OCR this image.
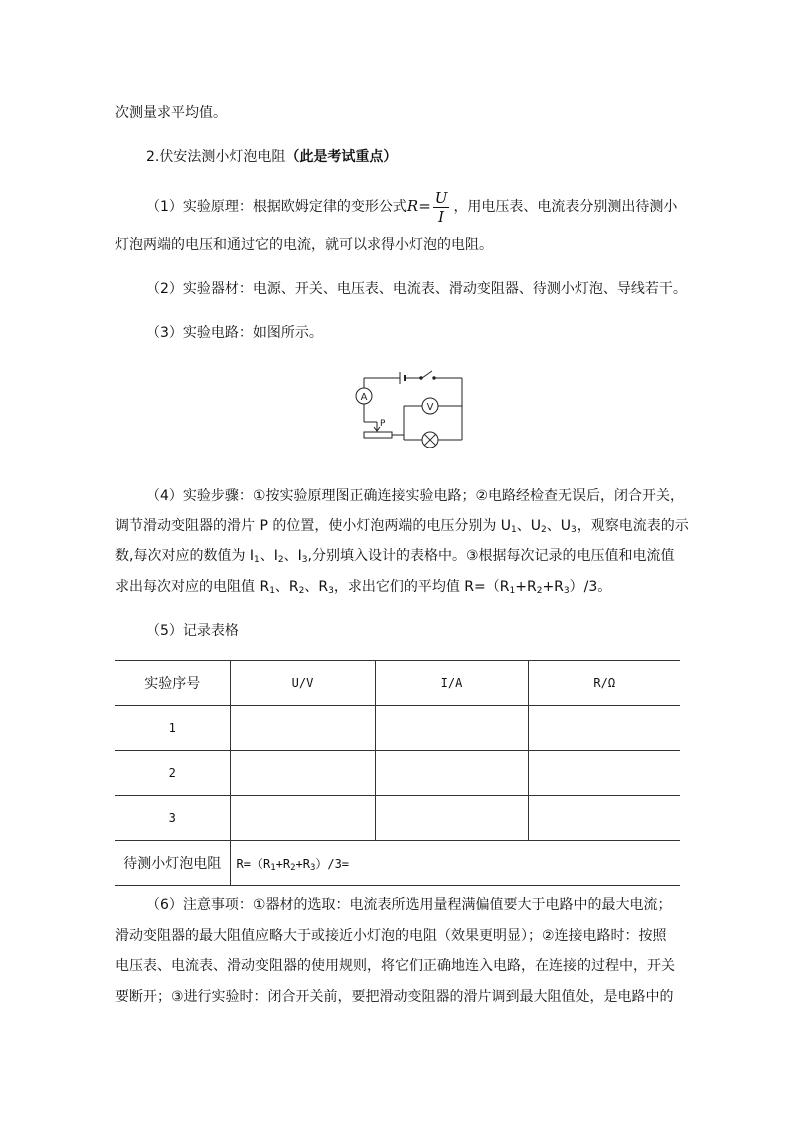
次测量求平均值。
2.伏安法测小灯泡电阻（此是考试重点）
（1）实验原理：根据欧姆定律的变形公式$R= \frac{U}{I}$ ，用电压表、电流表分别测出待测小
灯泡两端的电压和通过它的电流，就可以求得小灯泡的电阻。
（2）实验器材：电源、开关、电压表、电流表、滑动变阻器、待测小灯泡、导线若干。
（3）实验电路：如图所示。
A
V
P
（4）实验步骤：①按实验原理图正确连接实验电路；②电路经检查无误后，闭合开关，
调节滑动变阻器的滑片 P 的位置，使小灯泡两端的电压分别为 $U_1$、$U_2$、$U_3$，观察电流表的示
数,每次对应的数值为 $I_1$、$I_2$、$I_3$,分别填入设计的表格中。③根据每次记录的电压值和电流值
求出每次对应的电阻值 $R_1$、$R_2$、$R_3$，求出它们的平均值 $R=(R_1+R_2+R_3)/3$。
（5）记录表格
实验序号	U/V	I/A	R/Ω
1			
2			
3			
待测小灯泡电阻	$R=(R_1+R_2+R_3)/3=$		
（6）注意事项：①器材的选取：电流表所选用量程满偏值要大于电路中的最大电流；
滑动变阻器的最大阻值应略大于或接近小灯泡的电阻（效果更明显）；②连接电路时：按照
电压表、电流表、滑动变阻器的使用规则，将它们正确地连入电路，在连接的过程中，开关
要断开；③进行实验时：闭合开关前，要把滑动变阻器的滑片调到最大阻值处，是电路中的
